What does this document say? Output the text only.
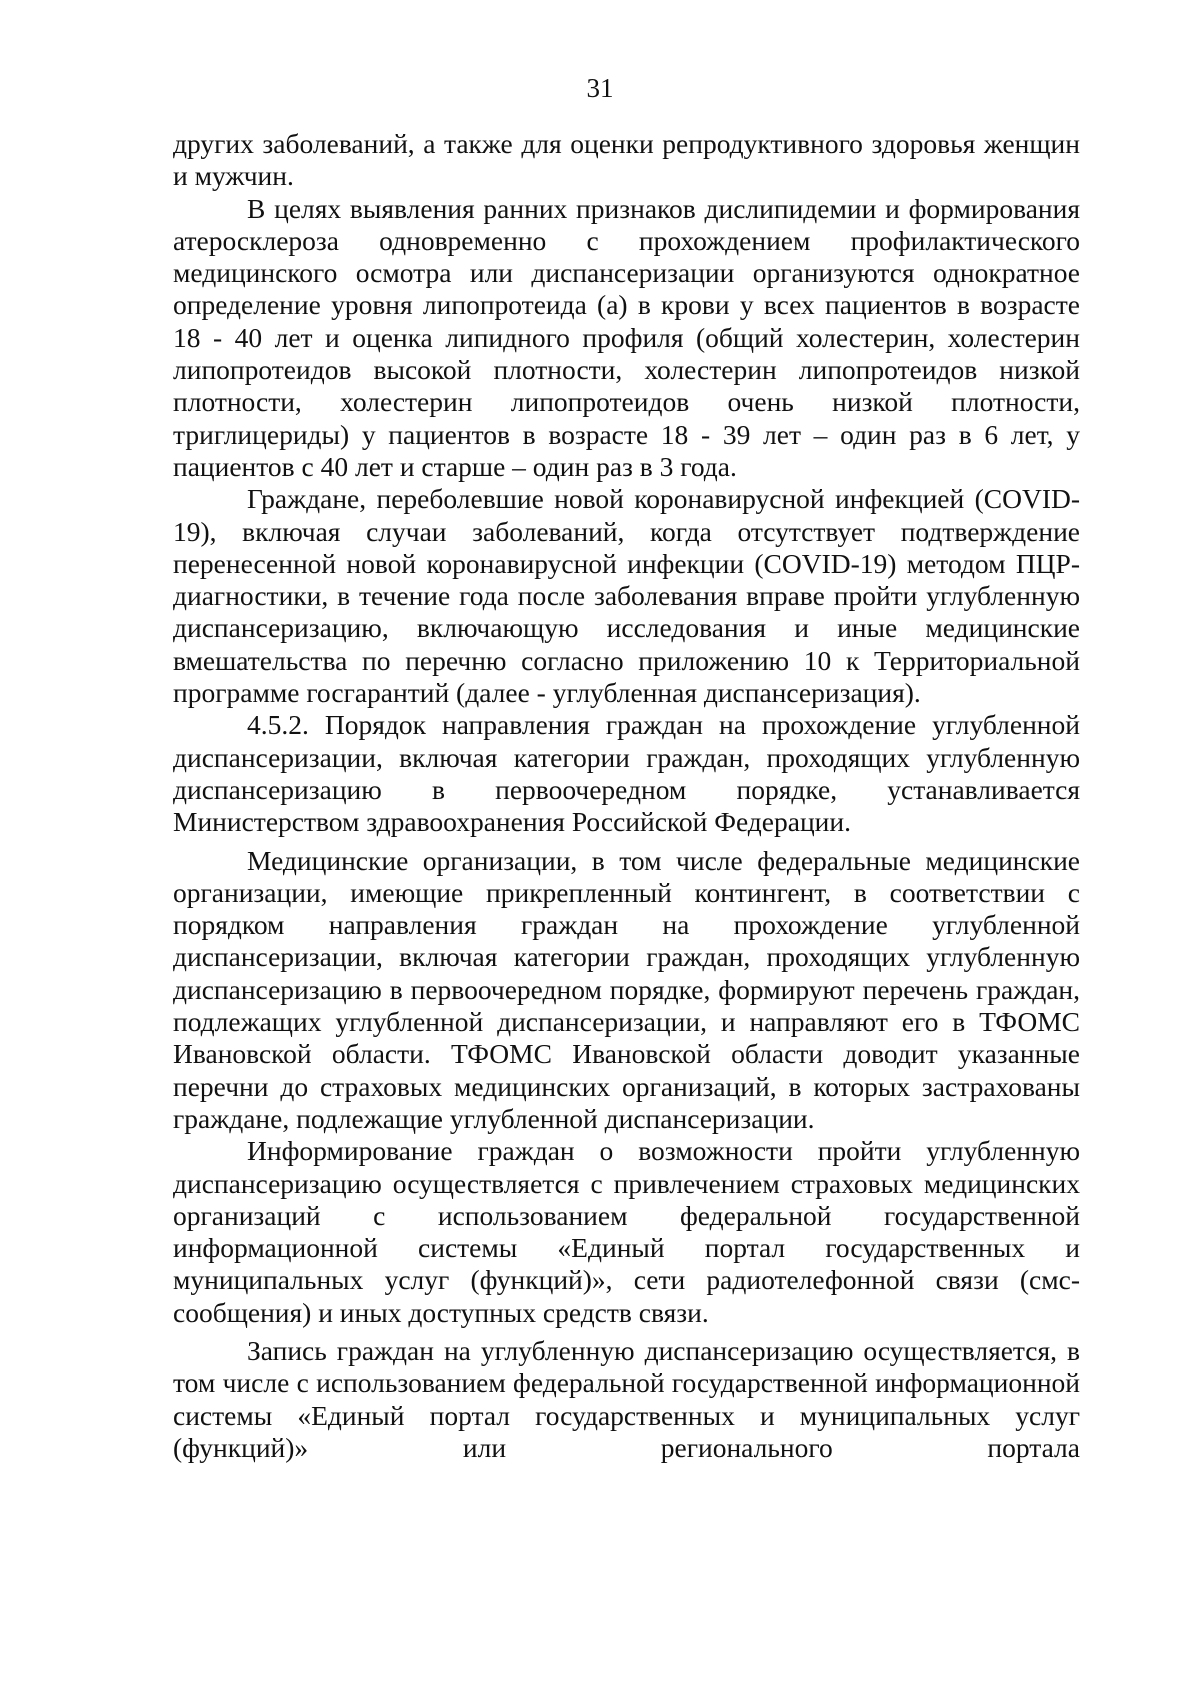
31

других заболеваний, а также для оценки репродуктивного здоровья женщин и мужчин.

В целях выявления ранних признаков дислипидемии и формирования атеросклероза одновременно с прохождением профилактического медицинского осмотра или диспансеризации организуются однократное определение уровня липопротеида (а) в крови у всех пациентов в возрасте 18 - 40 лет и оценка липидного профиля (общий холестерин, холестерин липопротеидов высокой плотности, холестерин липопротеидов низкой плотности, холестерин липопротеидов очень низкой плотности, триглицериды) у пациентов в возрасте 18 - 39 лет – один раз в 6 лет, у пациентов с 40 лет и старше – один раз в 3 года.

Граждане, переболевшие новой коронавирусной инфекцией (COVID-19), включая случаи заболеваний, когда отсутствует подтверждение перенесенной новой коронавирусной инфекции (COVID-19) методом ПЦР-диагностики, в течение года после заболевания вправе пройти углубленную диспансеризацию, включающую исследования и иные медицинские вмешательства по перечню согласно приложению 10 к Территориальной программе госгарантий (далее - углубленная диспансеризация).

4.5.2. Порядок направления граждан на прохождение углубленной диспансеризации, включая категории граждан, проходящих углубленную диспансеризацию в первоочередном порядке, устанавливается Министерством здравоохранения Российской Федерации.

Медицинские организации, в том числе федеральные медицинские организации, имеющие прикрепленный контингент, в соответствии с порядком направления граждан на прохождение углубленной диспансеризации, включая категории граждан, проходящих углубленную диспансеризацию в первоочередном порядке, формируют перечень граждан, подлежащих углубленной диспансеризации, и направляют его в ТФОМС Ивановской области. ТФОМС Ивановской области доводит указанные перечни до страховых медицинских организаций, в которых застрахованы граждане, подлежащие углубленной диспансеризации.

Информирование граждан о возможности пройти углубленную диспансеризацию осуществляется с привлечением страховых медицинских организаций с использованием федеральной государственной информационной системы «Единый портал государственных и муниципальных услуг (функций)», сети радиотелефонной связи (смс-сообщения) и иных доступных средств связи.

Запись граждан на углубленную диспансеризацию осуществляется, в том числе с использованием федеральной государственной информационной системы «Единый портал государственных и муниципальных услуг (функций)» или регионального портала
